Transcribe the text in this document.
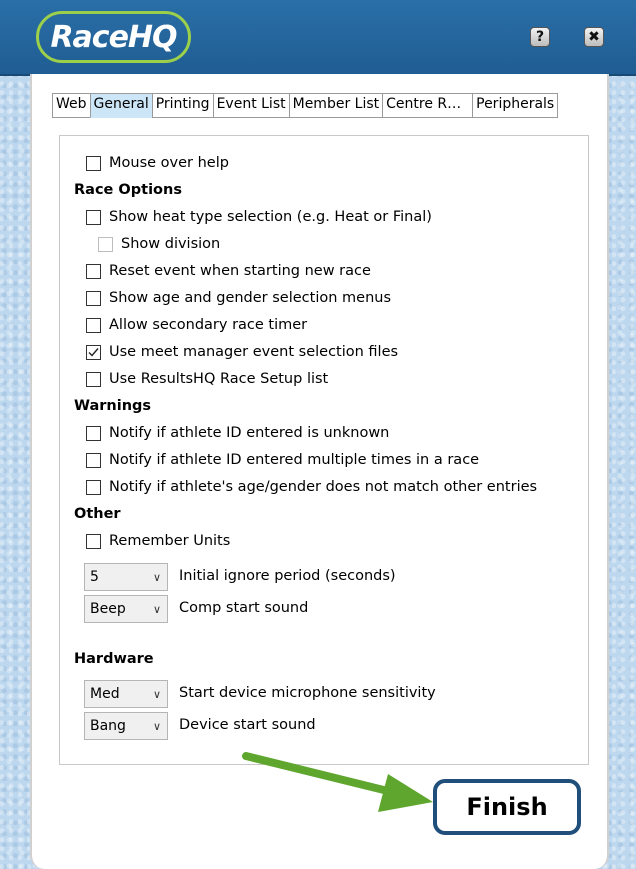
RaceHQ	?	✖
Web General Printing Event List Member List Centre R…	Peripherals
Mouse over help
Race Options
Show heat type selection (e.g. Heat or Final)
Show division
Reset event when starting new race
Show age and gender selection menus
Allow secondary race timer
Use meet manager event selection files
Use ResultsHQ Race Setup list
Warnings
Notify if athlete ID entered is unknown
Notify if athlete ID entered multiple times in a race
Notify if athlete's age/gender does not match other entries
Other
Remember Units
5	∨ Initial ignore period (seconds)
Beep ∨ Comp start sound
Hardware
Med	∨ Start device microphone sensitivity
Bang ∨ Device start sound
Finish
